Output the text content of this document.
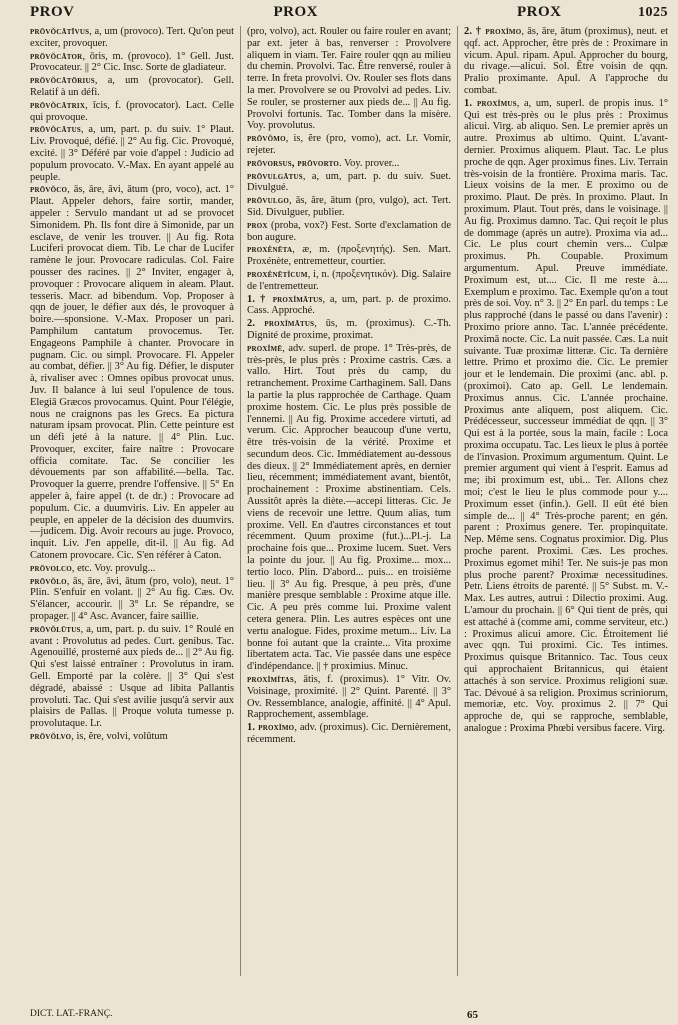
PROV	PROX	PROX	1025
prōvŏcātīvus, a, um (provoco). Tert. Qu'on peut exciter, provoquer.
prōvŏcātor, ōris, m. (provoco). 1° Gell. Just. Provocateur. || 2° Cic. Insc. Sorte de gladiateur.
prōvŏcātōrius, a, um (provocator). Gell. Relatif à un défi.
prōvŏcātrix, īcis, f. (provocator). Lact. Celle qui provoque.
prōvŏcātus, a, um, part. p. du suiv. 1° Plaut. Liv. Provoqué, défié. || 2° Au fig. Cic. Provoqué, excité. || 3° Déféré par voie d'appel : Judicio ad populum provocato. V.-Max. En ayant appelé au peuple.
prōvŏco, ās, āre, āvi, ātum (pro, voco), act. 1° Plaut. Appeler dehors, faire sortir, mander, appeler : Servulo mandant ut ad se provocet Simonidem. Ph. Ils font dire à Simonide, par un esclave, de venir les trouver. || Au fig. Rota Luciferi provocat diem. Tib. Le char de Lucifer ramène le jour. Provocare radiculas. Col. Faire pousser des racines. || 2° Inviter, engager à, provoquer : Provocare aliquem in aleam. Plaut. tesseris. Macr. ad bibendum. Vop. Proposer à qqn de jouer, le défier aux dés, le provoquer à boire.—sponsione. V.-Max. Proposer un pari. Pamphilum cantatum provocemus. Ter. Engageons Pamphile à chanter. Provocare in pugnam. Cic. ou simpl. Provocare. Fl. Appeler au combat, défier. || 3° Au fig. Défier, le disputer à, rivaliser avec : Omnes opibus provocat unus. Juv. Il balance à lui seul l'opulence de tous. Elegiā Græcos provocamus. Quint. Pour l'élégie, nous ne craignons pas les Grecs. Ea pictura naturam ipsam provocat. Plin. Cette peinture est un défi jeté à la nature. || 4° Plin. Luc. Provoquer, exciter, faire naître : Provocare officia comitate. Tac. Se concilier les dévouements par son affabilité.—bella. Tac. Provoquer la guerre, prendre l'offensive. || 5° En appeler à, faire appel (t. de dr.) : Provocare ad populum. Cic. a duumviris. Liv. En appeler au peuple, en appeler de la décision des duumvirs.—judicem. Dig. Avoir recours au juge. Provoco, inquit. Liv. J'en appelle, dit-il. || Au fig. Ad Catonem provocare. Cic. S'en référer à Caton.
prōvolco, etc. Voy. provulg...
prōvŏlo, ās, āre, āvi, ātum (pro, volo), neut. 1° Plin. S'enfuir en volant. || 2° Au fig. Cæs. Ov. S'élancer, accourir. || 3° Lr. Se répandre, se propager. || 4° Asc. Avancer, faire saillie.
prōvŏlūtus, a, um, part. p. du suiv. 1° Roulé en avant : Provolutus ad pedes. Curt. genibus. Tac. Agenouillé, prosterné aux pieds de... || 2° Au fig. Qui s'est laissé entraîner : Provolutus in iram. Gell. Emporté par la colère. || 3° Qui s'est dégradé, abaissé : Usque ad libita Pallantis provoluti. Tac. Qui s'est avilie jusqu'à servir aux plaisirs de Pallas. || Proque voluta tumesse p. provolutaque. Lr.
prōvŏlvo, is, ĕre, volvi, volūtum
(pro, volvo), act. Rouler ou faire rouler en avant; par ext. jeter à bas, renverser : Provolvere aliquem in viam. Ter. Faire rouler qqn au milieu du chemin. Provolvi. Tac. Être renversé, rouler à terre. In freta provolvi. Ov. Rouler ses flots dans la mer. Provolvere se ou Provolvi ad pedes. Liv. Se rouler, se prosterner aux pieds de... || Au fig. Provolvi fortunis. Tac. Tomber dans la misère. Voy. provolutus.
prōvŏmo, is, ĕre (pro, vomo), act. Lr. Vomir, rejeter.
prōvorsus, prōvorto. Voy. prover...
prōvulgātus, a, um, part. p. du suiv. Suet. Divulgué.
prōvulgo, ās, āre, ātum (pro, vulgo), act. Tert. Sid. Divulguer, publier.
prox (proba, vox?) Fest. Sorte d'exclamation de bon augure.
proxĕnēta, æ, m. (προξενητής). Sen. Mart. Proxénète, entremetteur, courtier.
proxĕnētĭcum, i, n. (προξενητικόν). Dig. Salaire de l'entremetteur.
1. † proxĭmātus, a, um, part. p. de proximo. Cass. Approché.
2. proxĭmātus, ūs, m. (proximus). C.-Th. Dignité de proxime, proximat.
proxĭmē, adv. superl. de prope. 1° Très-près, de très-près, le plus près : Proxime castris. Cæs. a vallo. Hirt. Tout près du camp, du retranchement. Proxime Carthaginem. Sall. Dans la partie la plus rapprochée de Carthage. Quam proxime hostem. Cic. Le plus près possible de l'ennemi. || Au fig. Proxime accedere virtuti, ad verum. Cic. Approcher beaucoup d'une vertu, être très-voisin de la vérité. Proxime et secundum deos. Cic. Immédiatement au-dessous des dieux. || 2° Immédiatement après, en dernier lieu, récemment; immédiatement avant, bientôt, prochainement : Proxime abstinentiam. Cels. Aussitôt après la diète.—accepi litteras. Cic. Je viens de recevoir une lettre. Quum alias, tum proxime. Vell. En d'autres circonstances et tout récemment. Quum proxime (fut.)...Pl.-j. La prochaine fois que... Proxime lucem. Suet. Vers la pointe du jour. || Au fig. Proxime... mox... tertio loco. Plin. D'abord... puis... en troisième lieu. || 3° Au fig. Presque, à peu près, d'une manière presque semblable : Proxime atque ille. Cic. A peu près comme lui. Proxime valent cetera genera. Plin. Les autres espèces ont une vertu analogue. Fides, proxime metum... Liv. La bonne foi autant que la crainte... Vita proxime libertatem acta. Tac. Vie passée dans une espèce d'indépendance. || † proximius. Minuc.
proxĭmĭtas, ātis, f. (proximus). 1° Vitr. Ov. Voisinage, proximité. || 2° Quint. Parenté. || 3° Ov. Ressemblance, analogie, affinité. || 4° Apul. Rapprochement, assemblage.
1. proxĭmo, adv. (proximus). Cic. Dernièrement, récemment.
2. † proxĭmo, ās, āre, ātum (proximus), neut. et qqf. act. Approcher, être près de : Proximare in vicum. Apul. ripam. Apul. Approcher du bourg, du rivage.—alicui. Sol. Être voisin de qqn. Pralio proximante. Apul. A l'approche du combat.
1. proxĭmus, a, um, superl. de propis inus. 1° Qui est très-près ou le plus près : Proximus alicui. Virg. ab aliquo. Sen. Le premier après un autre. Proximus ab ultimo. Quint. L'avant-dernier. Proximus aliquem. Plaut. Tac. Le plus proche de qqn. Ager proximus fines. Liv. Terrain très-voisin de la frontière. Proxima maris. Tac. Lieux voisins de la mer. E proximo ou de proximo. Plaut. De près. In proximo. Plaut. In proximum. Plaut. Tout près, dans le voisinage. || Au fig. Proximus damno. Tac. Qui reçoit le plus de dommage (après un autre). Proxima via ad... Cic. Le plus court chemin vers... Culpæ proximus. Ph. Coupable. Proximum argumentum. Apul. Preuve immédiate. Proximum est, ut.... Cic. Il me reste à.... Exemplum e proximo. Tac. Exemple qu'on a tout près de soi. Voy. n° 3. || 2° En parl. du temps : Le plus rapproché (dans le passé ou dans l'avenir) : Proximo priore anno. Tac. L'année précédente. Proximā nocte. Cic. La nuit passée. Cæs. La nuit suivante. Tuæ proximæ litteræ. Cic. Ta dernière lettre. Primo et proximo die. Cic. Le premier jour et le lendemain. Die proximi (anc. abl. p. (proximoi). Cato ap. Gell. Le lendemain. Proximus annus. Cic. L'année prochaine. Proximus ante aliquem, post aliquem. Cic. Prédécesseur, successeur immédiat de qqn. || 3° Qui est à la portée, sous la main, facile : Loca proxima occupatu. Tac. Les lieux le plus à portée de l'invasion. Proximum argumentum. Quint. Le premier argument qui vient à l'esprit. Eamus ad me; ibi proximum est, ubi... Ter. Allons chez moi; c'est le lieu le plus commode pour y.... Proximum esset (infin.). Gell. Il eût été bien simple de... || 4° Très-proche parent; en gén. parent : Proximus genere. Ter. propinquitate. Nep. Même sens. Cognatus proximior. Dig. Plus proche parent. Proximi. Cæs. Les proches. Proximus egomet mihi! Ter. Ne suis-je pas mon plus proche parent? Proximæ necessitudines. Petr. Liens étroits de parenté. || 5° Subst. m. V.-Max. Les autres, autrui : Dilectio proximi. Aug. L'amour du prochain. || 6° Qui tient de près, qui est attaché à (comme ami, comme serviteur, etc.) : Proximus alicui amore. Cic. Étroitement lié avec qqn. Tui proximi. Cic. Tes intimes. Proximus quisque Britannico. Tac. Tous ceux qui approchaient Britannicus, qui étaient attachés à son service. Proximus religioni suæ. Tac. Dévoué à sa religion. Proximus scriniorum, memoriæ, etc. Voy. proximus 2. || 7° Qui approche de, qui se rapproche, semblable, analogue : Proxima Phœbi versibus facere. Virg.
DICT. LAT.-FRANÇ.	65
